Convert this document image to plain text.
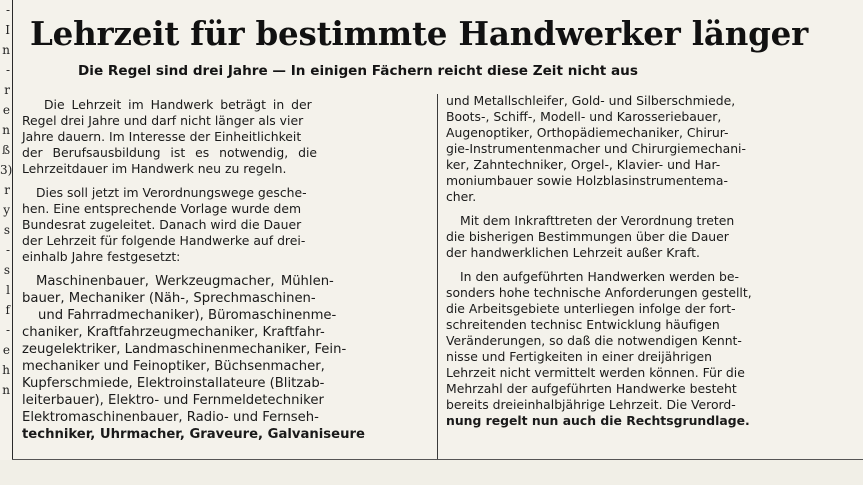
-
I
n
-
r
e
n
ß
3)
r
y
s
-
s
l
f
-
e
h
n
Lehrzeit für bestimmte Handwerker länger
Die Regel sind drei Jahre — In einigen Fächern reicht diese Zeit nicht aus

Die Lehrzeit im Handwerk beträgt in der
Regel drei Jahre und darf nicht länger als vier
Jahre dauern. Im Interesse der Einheitlichkeit
der Berufsausbildung ist es notwendig, die
Lehrzeitdauer im Handwerk neu zu regeln.

Dies soll jetzt im Verordnungswege gesche-
hen. Eine entsprechende Vorlage wurde dem
Bundesrat zugeleitet. Danach wird die Dauer
der Lehrzeit für folgende Handwerke auf drei-
einhalb Jahre festgesetzt:

Maschinenbauer, Werkzeugmacher, Mühlen-
bauer, Mechaniker (Näh-, Sprechmaschinen-
und Fahrradmechaniker), Büromaschinenme-
chaniker, Kraftfahrzeugmechaniker, Kraftfahr-
zeugelektriker, Landmaschinenmechaniker, Fein-
mechaniker und Feinoptiker, Büchsenmacher,
Kupferschmiede, Elektroinstallateure (Blitzab-
leiterbauer), Elektro- und Fernmeldetechniker
Elektromaschinenbauer, Radio- und Fernseh-
techniker, Uhrmacher, Graveure, Galvaniseure

und Metallschleifer, Gold- und Silberschmiede,
Boots-, Schiff-, Modell- und Karosseriebauer,
Augenoptiker, Orthopädiemechaniker, Chirur-
gie-Instrumentenmacher und Chirurgiemechani-
ker, Zahntechniker, Orgel-, Klavier- und Har-
moniumbauer sowie Holzblasinstrumentema-
cher.

Mit dem Inkrafttreten der Verordnung treten
die bisherigen Bestimmungen über die Dauer
der handwerklichen Lehrzeit außer Kraft.

In den aufgeführten Handwerken werden be-
sonders hohe technische Anforderungen gestellt,
die Arbeitsgebiete unterliegen infolge der fort-
schreitenden technisc Entwicklung häufigen
Veränderungen, so daß die notwendigen Kennt-
nisse und Fertigkeiten in einer dreijährigen
Lehrzeit nicht vermittelt werden können. Für die
Mehrzahl der aufgeführten Handwerke besteht
bereits dreieinhalbjährige Lehrzeit. Die Verord-
nung regelt nun auch die Rechtsgrundlage.
